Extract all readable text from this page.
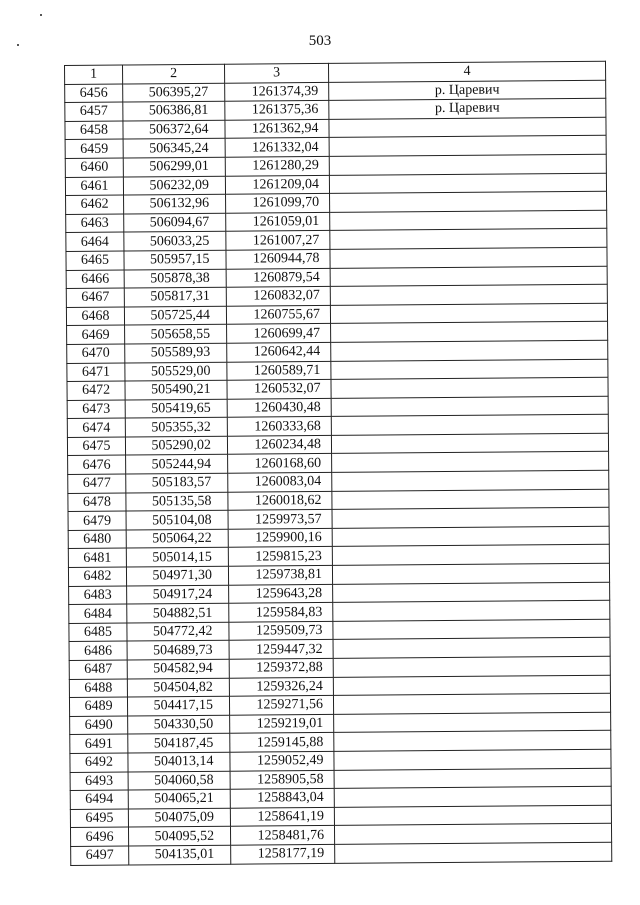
503
1	2	3	4
6456	506395,27	1261374,39	р. Царевич
6457	506386,81	1261375,36	р. Царевич
6458	506372,64	1261362,94	
6459	506345,24	1261332,04	
6460	506299,01	1261280,29	
6461	506232,09	1261209,04	
6462	506132,96	1261099,70	
6463	506094,67	1261059,01	
6464	506033,25	1261007,27	
6465	505957,15	1260944,78	
6466	505878,38	1260879,54	
6467	505817,31	1260832,07	
6468	505725,44	1260755,67	
6469	505658,55	1260699,47	
6470	505589,93	1260642,44	
6471	505529,00	1260589,71	
6472	505490,21	1260532,07	
6473	505419,65	1260430,48	
6474	505355,32	1260333,68	
6475	505290,02	1260234,48	
6476	505244,94	1260168,60	
6477	505183,57	1260083,04	
6478	505135,58	1260018,62	
6479	505104,08	1259973,57	
6480	505064,22	1259900,16	
6481	505014,15	1259815,23	
6482	504971,30	1259738,81	
6483	504917,24	1259643,28	
6484	504882,51	1259584,83	
6485	504772,42	1259509,73	
6486	504689,73	1259447,32	
6487	504582,94	1259372,88	
6488	504504,82	1259326,24	
6489	504417,15	1259271,56	
6490	504330,50	1259219,01	
6491	504187,45	1259145,88	
6492	504013,14	1259052,49	
6493	504060,58	1258905,58	
6494	504065,21	1258843,04	
6495	504075,09	1258641,19	
6496	504095,52	1258481,76	
6497	504135,01	1258177,19	
